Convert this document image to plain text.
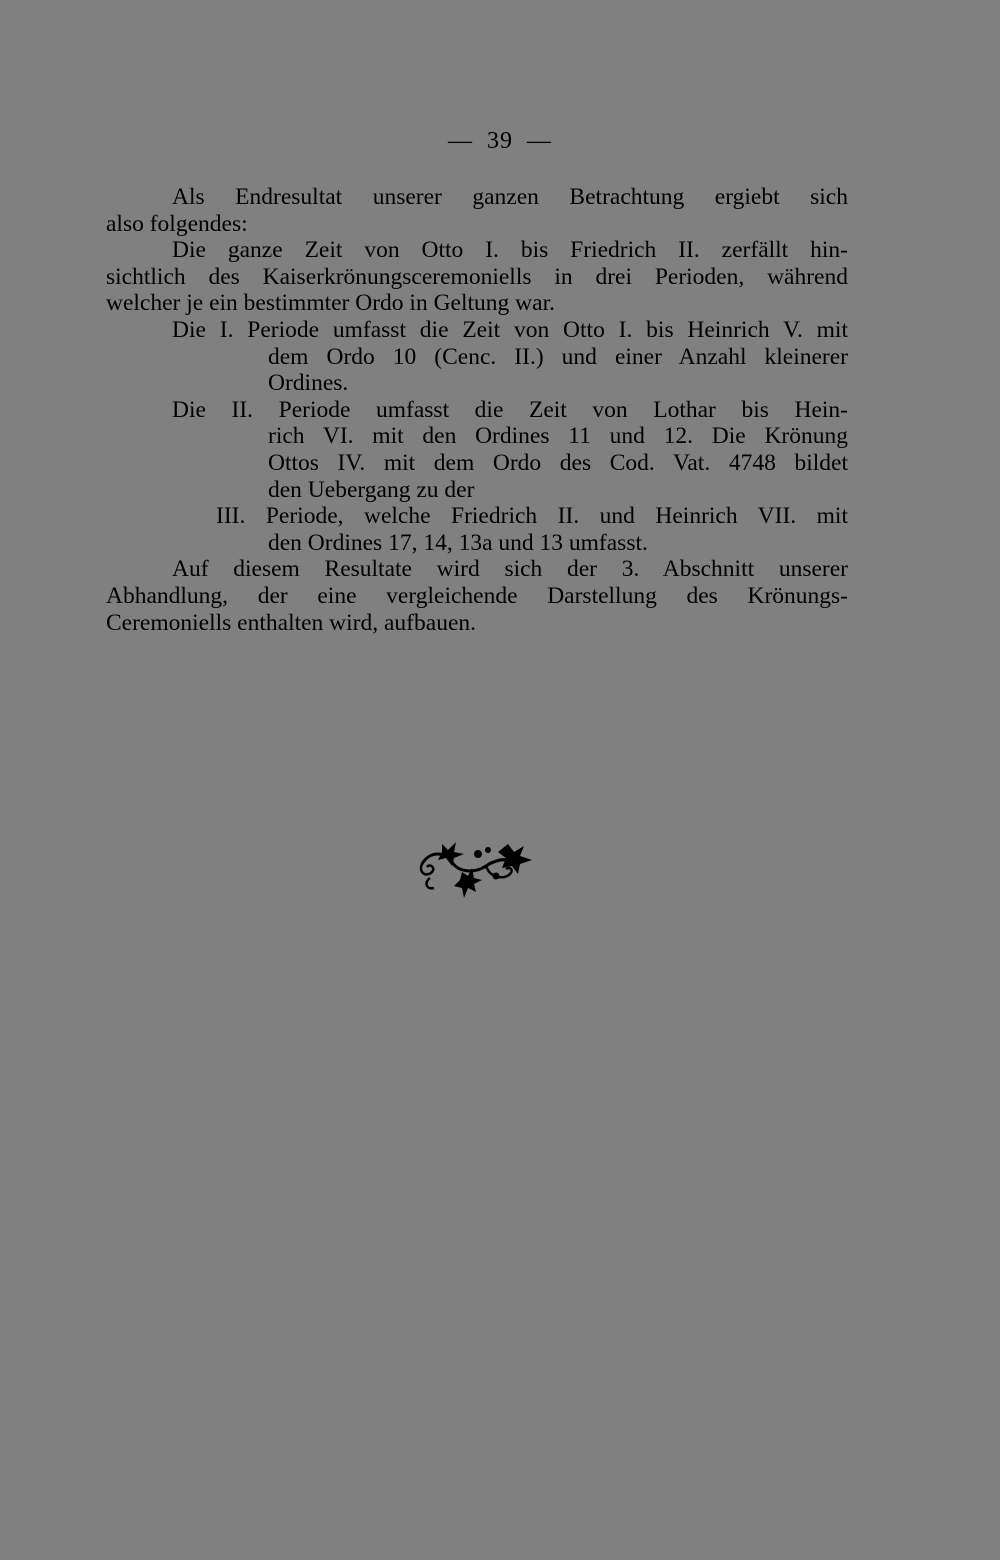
— 39 —
Als Endresultat unserer ganzen Betrachtung ergiebt sich
also folgendes:
Die ganze Zeit von Otto I. bis Friedrich II. zerfällt hin-
sichtlich des Kaiserkrönungsceremoniells in drei Perioden, während
welcher je ein bestimmter Ordo in Geltung war.
Die I. Periode umfasst die Zeit von Otto I. bis Heinrich V. mit
dem Ordo 10 (Cenc. II.) und einer Anzahl kleinerer
Ordines.
Die II. Periode umfasst die Zeit von Lothar bis Hein-
rich VI. mit den Ordines 11 und 12. Die Krönung
Ottos IV. mit dem Ordo des Cod. Vat. 4748 bildet
den Uebergang zu der
III. Periode, welche Friedrich II. und Heinrich VII. mit
den Ordines 17, 14, 13a und 13 umfasst.
Auf diesem Resultate wird sich der 3. Abschnitt unserer
Abhandlung, der eine vergleichende Darstellung des Krönungs-
Ceremoniells enthalten wird, aufbauen.
